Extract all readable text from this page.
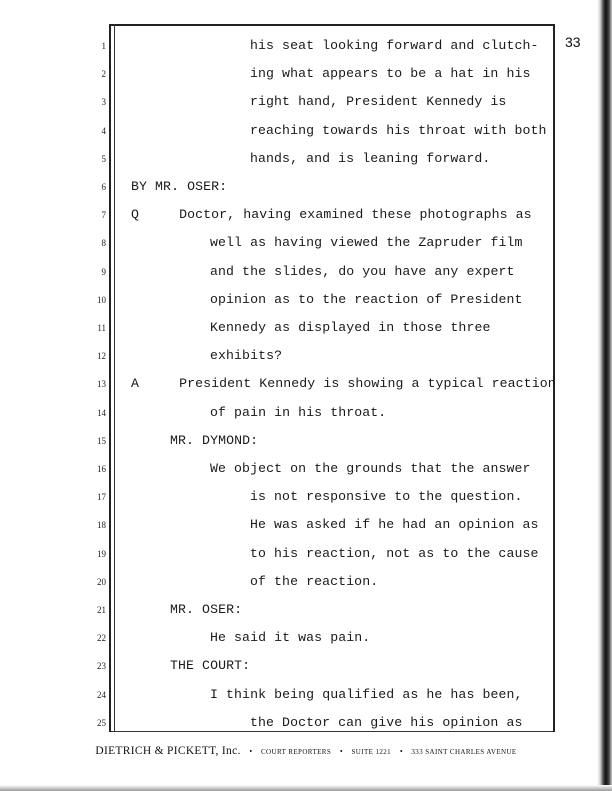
33
1	his seat looking forward and clutch-
2	ing what appears to be a hat in his
3	right hand, President Kennedy is
4	reaching towards his throat with both
5	hands, and is leaning forward.
6 BY MR. OSER:
7 Q     Doctor, having examined these photographs as
8	well as having viewed the Zapruder film
9	and the slides, do you have any expert
10	opinion as to the reaction of President
11	Kennedy as displayed in those three
12	exhibits?
13 A     President Kennedy is showing a typical reaction
14	of pain in his throat.
15	MR. DYMOND:
16	We object on the grounds that the answer
17	is not responsive to the question.
18	He was asked if he had an opinion as
19	to his reaction, not as to the cause
20	of the reaction.
21	MR. OSER:
22	He said it was pain.
23	THE COURT:
24	I think being qualified as he has been,
25	the Doctor can give his opinion as
DIETRICH & PICKETT, Inc. • COURT REPORTERS • SUITE 1221 • 333 SAINT CHARLES AVENUE
